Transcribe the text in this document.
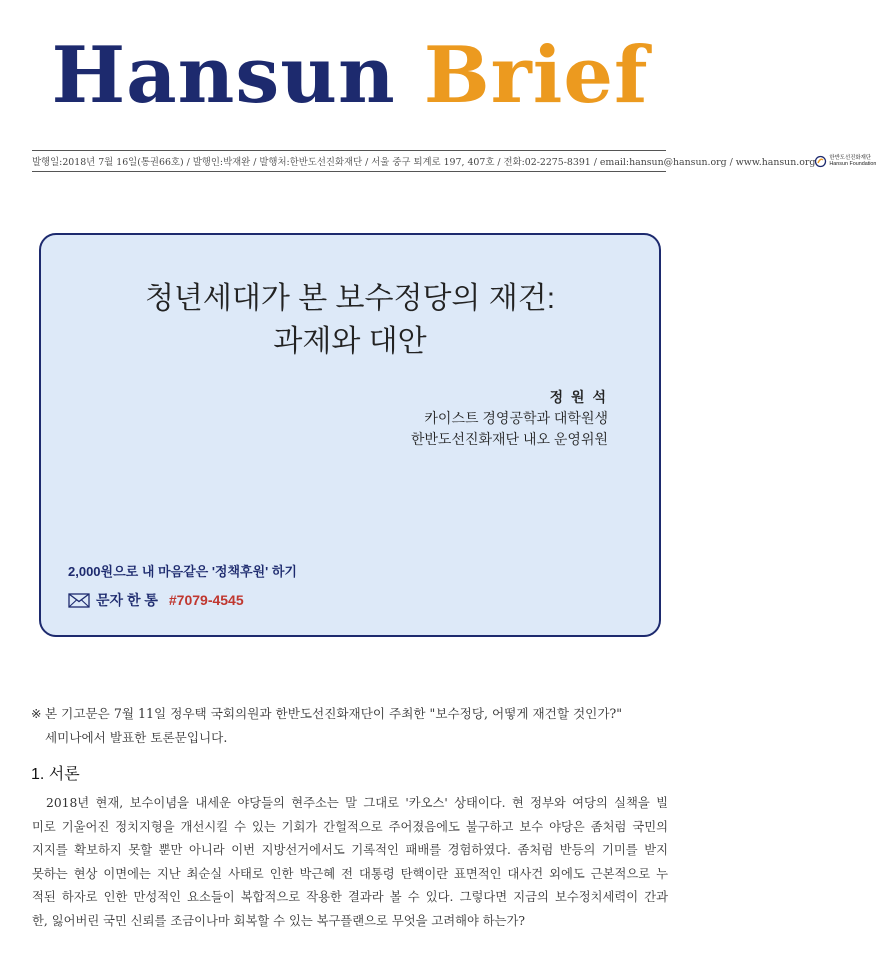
Hansun Brief
발행일:2018년 7월 16일(통권66호) / 발행인:박재완 / 발행처:한반도선진화재단 / 서울 중구 퇴계로 197, 407호 / 전화:02-2275-8391 / email:hansun@hansun.org / www.hansun.org	한반도선진화재단
Hansun Foundation
청년세대가 본 보수정당의 재건:
과제와 대안
정 원 석
카이스트 경영공학과 대학원생
한반도선진화재단 내오 운영위원
2,000원으로 내 마음같은 '정책후원' 하기
문자 한 통 #7079-4545
※ 본 기고문은 7월 11일 정우택 국회의원과 한반도선진화재단이 주최한 "보수정당, 어떻게 재건할 것인가?"
세미나에서 발표한 토론문입니다.
1. 서론

2018년 현재, 보수이념을 내세운 야당들의 현주소는 말 그대로 '카오스' 상태이다. 현 정부와 여당의 실책을 빌

미로 기울어진 정치지형을 개선시킬 수 있는 기회가 간헐적으로 주어졌음에도 불구하고 보수 야당은 좀처럼 국민의

지지를 확보하지 못할 뿐만 아니라 이번 지방선거에서도 기록적인 패배를 경험하였다. 좀처럼 반등의 기미를 받지

못하는 현상 이면에는 지난 최순실 사태로 인한 박근혜 전 대통령 탄핵이란 표면적인 대사건 외에도 근본적으로 누

적된 하자로 인한 만성적인 요소들이 복합적으로 작용한 결과라 볼 수 있다. 그렇다면 지금의 보수정치세력이 간과

한, 잃어버린 국민 신뢰를 조금이나마 회복할 수 있는 복구플랜으로 무엇을 고려해야 하는가?
